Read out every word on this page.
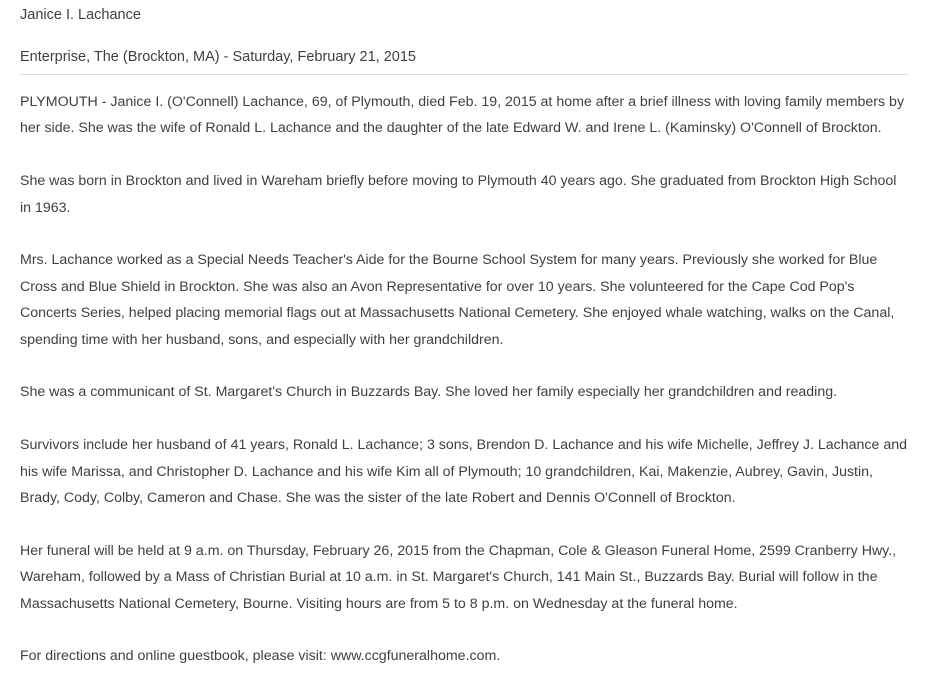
Janice I. Lachance
Enterprise, The (Brockton, MA) - Saturday, February 21, 2015

PLYMOUTH - Janice I. (O'Connell) Lachance, 69, of Plymouth, died Feb. 19, 2015 at home after a brief illness with loving family members by her side. She was the wife of Ronald L. Lachance and the daughter of the late Edward W. and Irene L. (Kaminsky) O'Connell of Brockton.

She was born in Brockton and lived in Wareham briefly before moving to Plymouth 40 years ago. She graduated from Brockton High School in 1963.

Mrs. Lachance worked as a Special Needs Teacher's Aide for the Bourne School System for many years. Previously she worked for Blue Cross and Blue Shield in Brockton. She was also an Avon Representative for over 10 years. She volunteered for the Cape Cod Pop's Concerts Series, helped placing memorial flags out at Massachusetts National Cemetery. She enjoyed whale watching, walks on the Canal, spending time with her husband, sons, and especially with her grandchildren.

She was a communicant of St. Margaret's Church in Buzzards Bay. She loved her family especially her grandchildren and reading.

Survivors include her husband of 41 years, Ronald L. Lachance; 3 sons, Brendon D. Lachance and his wife Michelle, Jeffrey J. Lachance and his wife Marissa, and Christopher D. Lachance and his wife Kim all of Plymouth; 10 grandchildren, Kai, Makenzie, Aubrey, Gavin, Justin, Brady, Cody, Colby, Cameron and Chase. She was the sister of the late Robert and Dennis O'Connell of Brockton.

Her funeral will be held at 9 a.m. on Thursday, February 26, 2015 from the Chapman, Cole & Gleason Funeral Home, 2599 Cranberry Hwy., Wareham, followed by a Mass of Christian Burial at 10 a.m. in St. Margaret's Church, 141 Main St., Buzzards Bay. Burial will follow in the Massachusetts National Cemetery, Bourne. Visiting hours are from 5 to 8 p.m. on Wednesday at the funeral home.

For directions and online guestbook, please visit: www.ccgfuneralhome.com.
